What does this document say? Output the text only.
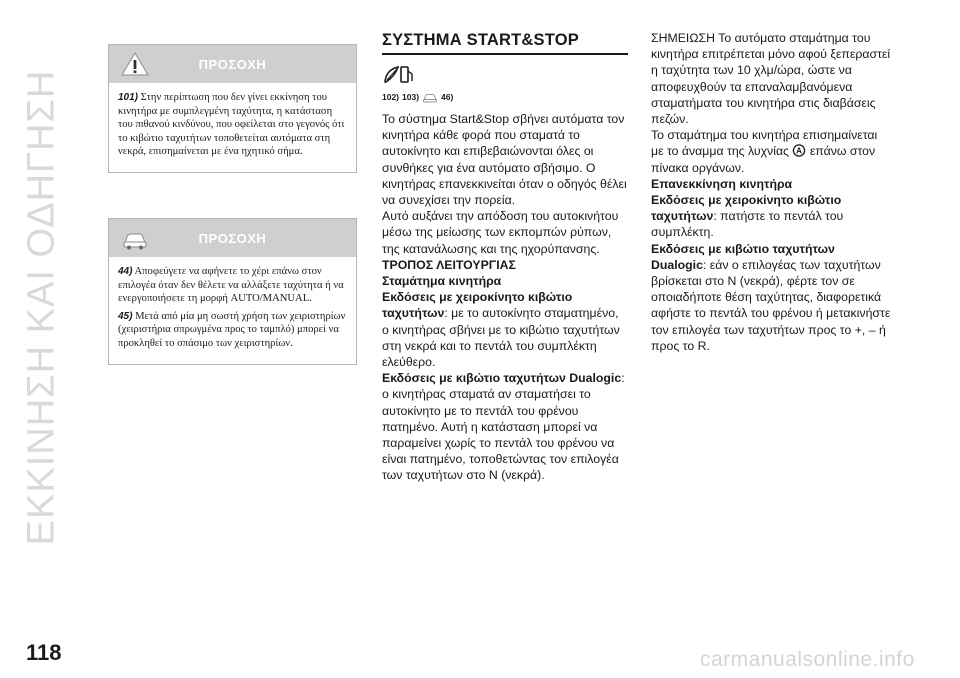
ΕΚΚΙΝΗΣΗ ΚΑΙ ΟΔΗΓΗΣΗ
ΠΡΟΣΟΧΗ

101) Στην περίπτωση που δεν γίνει εκκίνηση του κινητήρα με συμπλεγμένη ταχύτητα, η κατάσταση του πιθανού κινδύνου, που οφείλεται στο γεγονός ότι το κιβώτιο ταχυτήτων τοποθετείται αυτόματα στη νεκρά, επισημαίνεται με ένα ηχητικό σήμα.

ΠΡΟΣΟΧΗ

44) Αποφεύγετε να αφήνετε το χέρι επάνω στον επιλογέα όταν δεν θέλετε να αλλάξετε ταχύτητα ή να ενεργοποιήσετε τη μορφή AUTO/MANUAL.

45) Μετά από μία μη σωστή χρήση των χειριστηρίων (χειριστήρια σπρωγμένα προς το ταμπλό) μπορεί να προκληθεί το σπάσιμο των χειριστηρίων.

ΣΥΣΤΗΜΑ START&STOP
102) 103)	46)

Το σύστημα Start&Stop σβήνει αυτόματα τον κινητήρα κάθε φορά που σταματά το αυτοκίνητο και επιβεβαιώνονται όλες οι συνθήκες για ένα αυτόματο σβήσιμο. Ο κινητήρας επανεκκινείται όταν ο οδηγός θέλει να συνεχίσει την πορεία.

Αυτό αυξάνει την απόδοση του αυτοκινήτου μέσω της μείωσης των εκπομπών ρύπων, της κατανάλωσης και της ηχορύπανσης.

ΤΡΟΠΟΣ ΛΕΙΤΟΥΡΓΙΑΣ

Σταμάτημα κινητήρα

Εκδόσεις με χειροκίνητο κιβώτιο ταχυτήτων: με το αυτοκίνητο σταματημένο, ο κινητήρας σβήνει με το κιβώτιο ταχυτήτων στη νεκρά και το πεντάλ του συμπλέκτη ελεύθερο.

Εκδόσεις με κιβώτιο ταχυτήτων Dualogic: ο κινητήρας σταματά αν σταματήσει το αυτοκίνητο με το πεντάλ του φρένου πατημένο. Αυτή η κατάσταση μπορεί να παραμείνει χωρίς το πεντάλ του φρένου να είναι πατημένο, τοποθετώντας τον επιλογέα των ταχυτήτων στο N (νεκρά).

ΣΗΜΕΙΩΣΗ Το αυτόματο σταμάτημα του κινητήρα επιτρέπεται μόνο αφού ξεπεραστεί η ταχύτητα των 10 χλμ/ώρα, ώστε να αποφευχθούν τα επαναλαμβανόμενα σταματήματα του κινητήρα στις διαβάσεις πεζών.

Το σταμάτημα του κινητήρα επισημαίνεται με το άναμμα της λυχνίας A επάνω στον πίνακα οργάνων.

Επανεκκίνηση κινητήρα

Εκδόσεις με χειροκίνητο κιβώτιο ταχυτήτων: πατήστε το πεντάλ του συμπλέκτη.

Εκδόσεις με κιβώτιο ταχυτήτων Dualogic: εάν ο επιλογέας των ταχυτήτων βρίσκεται στο N (νεκρά), φέρτε τον σε οποιαδήποτε θέση ταχύτητας, διαφορετικά αφήστε το πεντάλ του φρένου ή μετακινήστε τον επιλογέα των ταχυτήτων προς το +, – ή προς το R.

118	carmanualsonline.info
